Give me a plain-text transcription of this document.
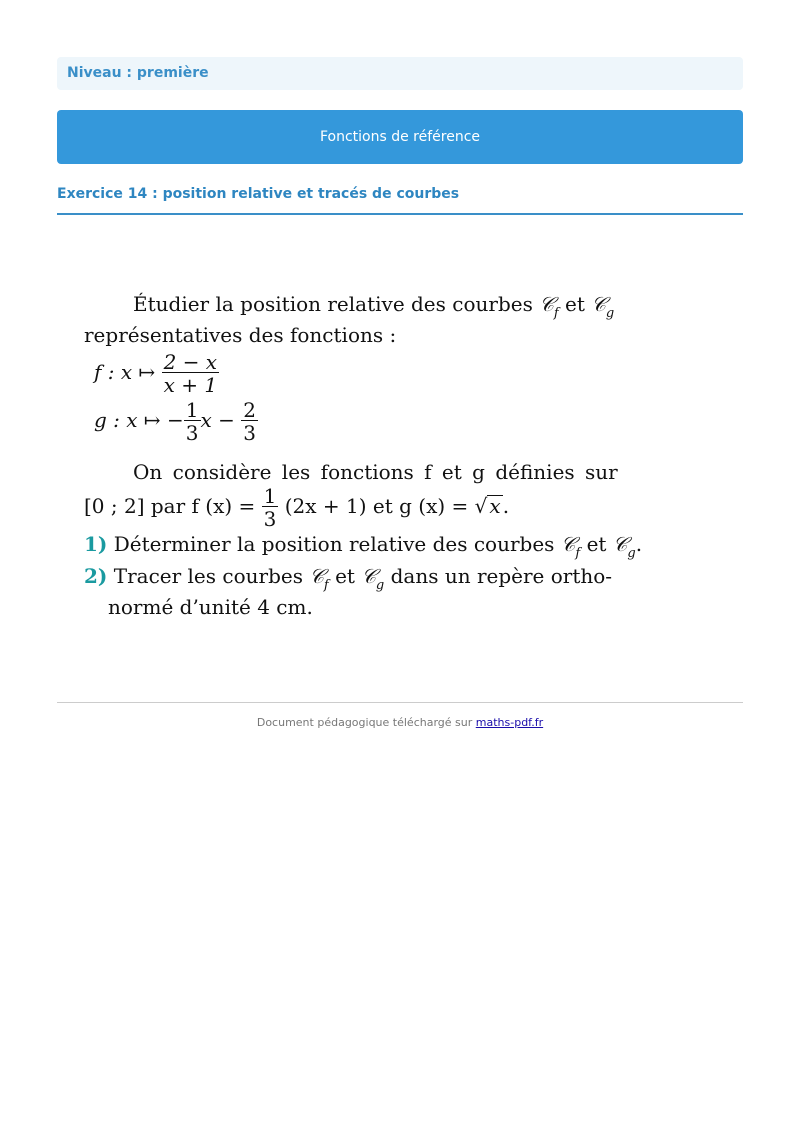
Niveau : première
Fonctions de référence
Exercice 14 : position relative et tracés de courbes
Étudier la position relative des courbes 𝒞$_f$ et 𝒞$_g$
représentatives des fonctions :
f : x ↦ $\frac{2 - x}{x + 1}$
g : x ↦ − $\frac{1}{3}$ $x - \frac{2}{3}$
On considère les fonctions f et g définies sur
[0 ; 2] par f $(x) = \frac{1}{3} (2x + 1)$ et g (x) = √ x .
1) Déterminer la position relative des courbes 𝒞$_f$ et 𝒞$_g$.
2) Tracer les courbes 𝒞$_f$ et 𝒞$_g$ dans un repère ortho-
normé d’unité 4 cm.
Document pédagogique téléchargé sur maths-pdf.fr
